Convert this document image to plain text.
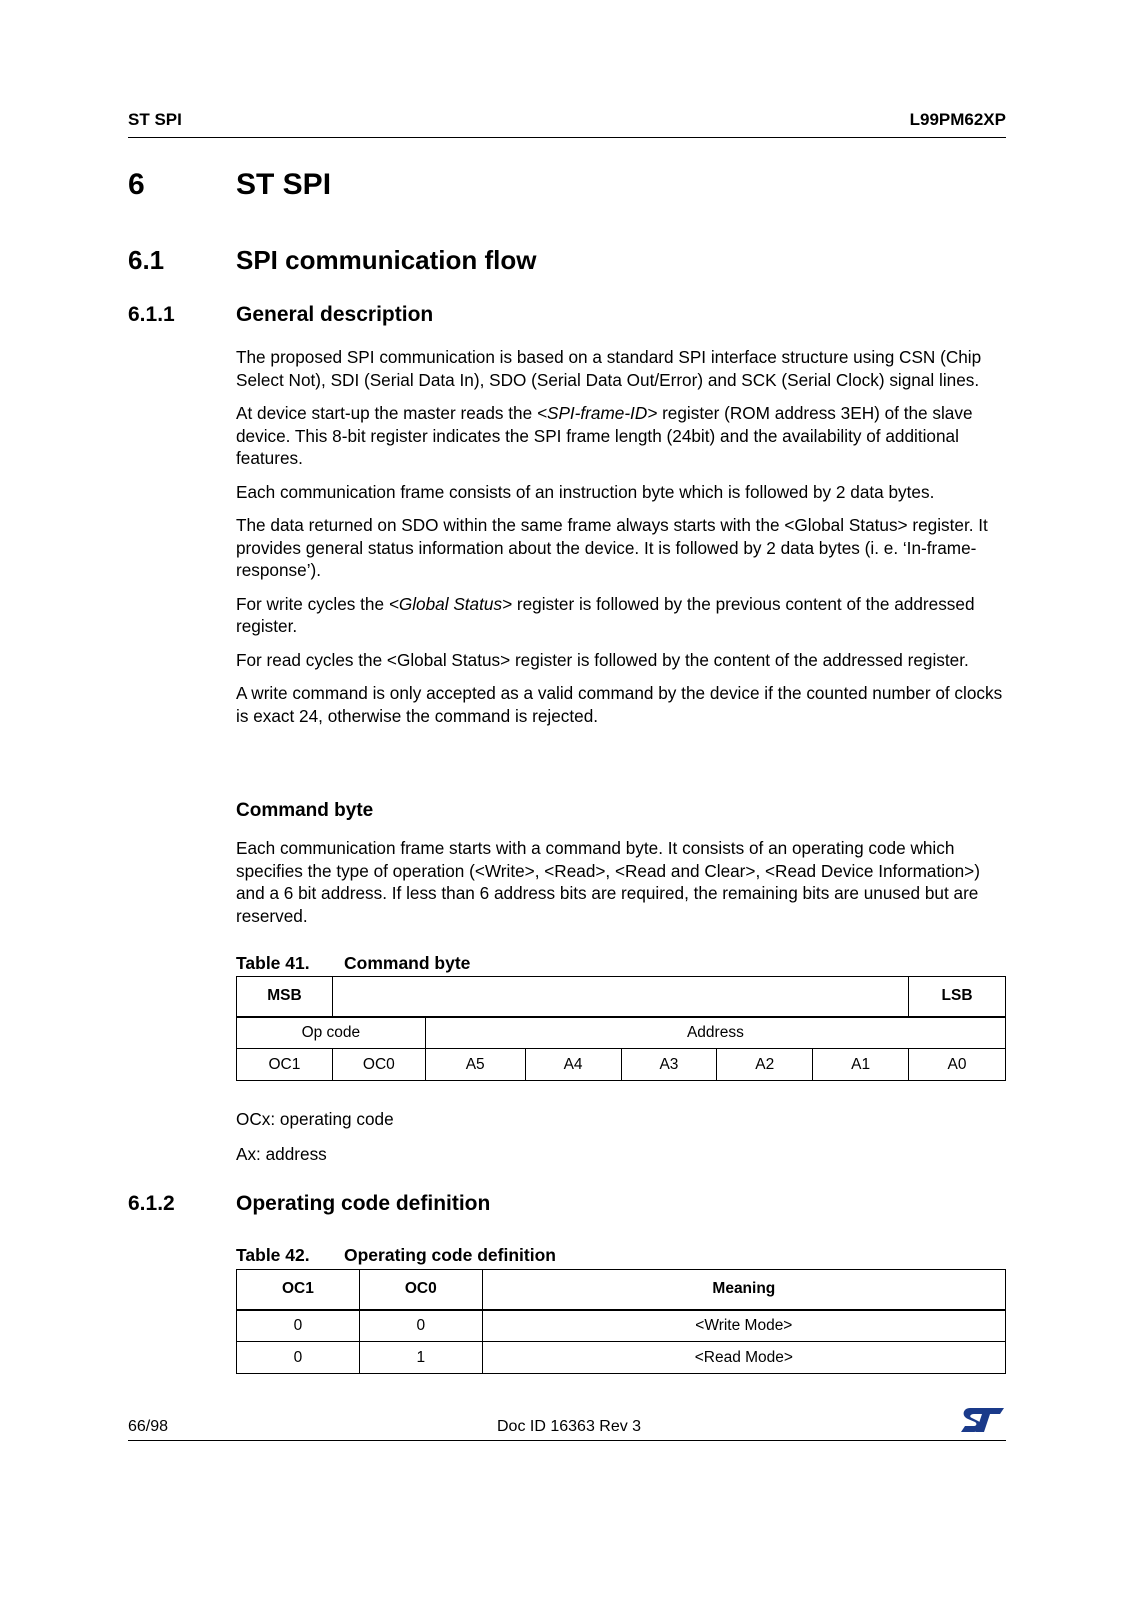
ST SPI	L99PM62XP
6	ST SPI
6.1	SPI communication flow
6.1.1	General description

The proposed SPI communication is based on a standard SPI interface structure using CSN (Chip Select Not), SDI (Serial Data In), SDO (Serial Data Out/Error) and SCK (Serial Clock) signal lines.

At device start-up the master reads the <SPI-frame-ID> register (ROM address 3EH) of the slave device. This 8-bit register indicates the SPI frame length (24bit) and the availability of additional features.

Each communication frame consists of an instruction byte which is followed by 2 data bytes.

The data returned on SDO within the same frame always starts with the <Global Status> register. It provides general status information about the device. It is followed by 2 data bytes (i. e. ‘In-frame-response’).

For write cycles the <Global Status> register is followed by the previous content of the addressed register.

For read cycles the <Global Status> register is followed by the content of the addressed register.

A write command is only accepted as a valid command by the device if the counted number of clocks is exact 24, otherwise the command is rejected.

Command byte
Each communication frame starts with a command byte. It consists of an operating code which specifies the type of operation (<Write>, <Read>, <Read and Clear>, <Read Device Information>) and a 6 bit address. If less than 6 address bits are required, the remaining bits are unused but are reserved.
Table 41. Command byte
MSB							LSB
Op code		Address					
OC1	OC0	A5	A4	A3	A2	A1	A0
OCx: operating code
Ax: address
6.1.2	Operating code definition
Table 42. Operating code definition
OC1	OC0	Meaning
0	0	<Write Mode>
0	1	<Read Mode>
66/98	Doc ID 16363 Rev 3
